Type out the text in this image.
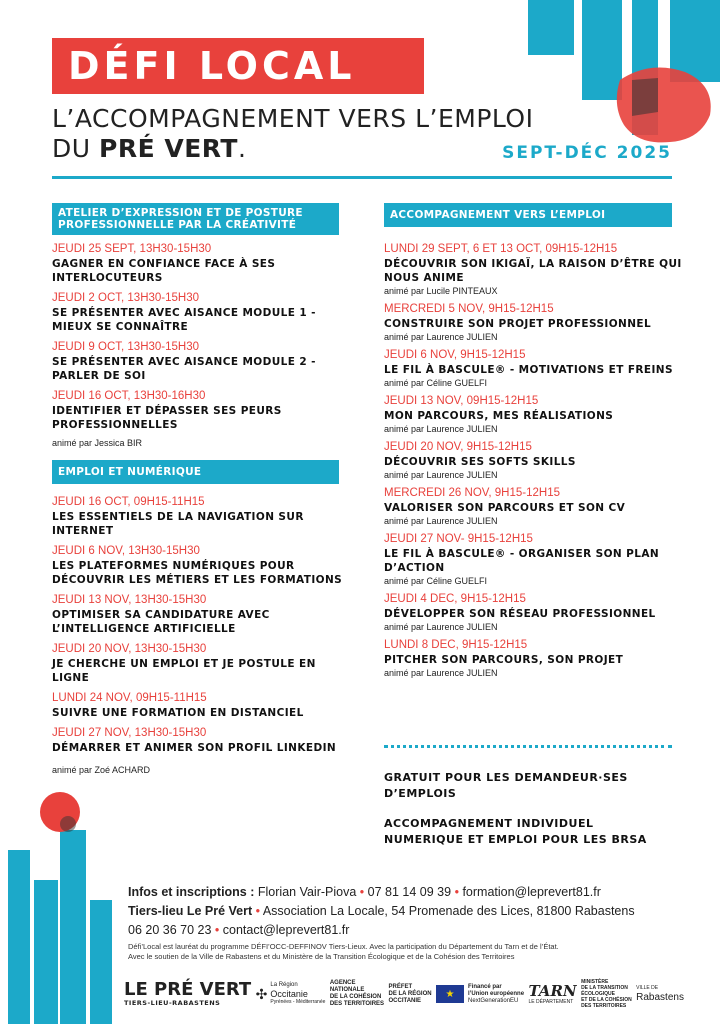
DÉFI LOCAL
L’ACCOMPAGNEMENT VERS L’EMPLOI
DU PRÉ VERT.	SEPT-DÉC 2025
ATELIER D’EXPRESSION ET DE POSTURE PROFESSIONNELLE PAR LA CRÉATIVITÉ
JEUDI 25 SEPT, 13H30-15H30
GAGNER EN CONFIANCE FACE À SES INTERLOCUTEURS
JEUDI 2 OCT, 13H30-15H30
SE PRÉSENTER AVEC AISANCE MODULE 1 - MIEUX SE CONNAÎTRE
JEUDI 9 OCT, 13H30-15H30
SE PRÉSENTER AVEC AISANCE MODULE 2 - PARLER DE SOI
JEUDI 16 OCT, 13H30-16H30
IDENTIFIER ET DÉPASSER SES PEURS PROFESSIONNELLES
animé par Jessica BIR
EMPLOI ET NUMÉRIQUE
JEUDI 16 OCT, 09H15-11H15
LES ESSENTIELS DE LA NAVIGATION SUR INTERNET
JEUDI 6 NOV, 13H30-15H30
LES PLATEFORMES NUMÉRIQUES POUR DÉCOUVRIR LES MÉTIERS ET LES FORMATIONS
JEUDI 13 NOV, 13H30-15H30
OPTIMISER SA CANDIDATURE AVEC L’INTELLIGENCE ARTIFICIELLE
JEUDI 20 NOV, 13H30-15H30
JE CHERCHE UN EMPLOI ET JE POSTULE EN LIGNE
LUNDI 24 NOV, 09H15-11H15
SUIVRE UNE FORMATION EN DISTANCIEL
JEUDI 27 NOV, 13H30-15H30
DÉMARRER ET ANIMER SON PROFIL LINKEDIN
animé par Zoé ACHARD
ACCOMPAGNEMENT VERS L’EMPLOI
LUNDI 29 SEPT, 6 ET 13 OCT, 09H15-12H15
DÉCOUVRIR SON IKIGAÏ, LA RAISON D’ÊTRE QUI NOUS ANIME
animé par Lucile PINTEAUX
MERCREDI 5 NOV, 9H15-12H15
CONSTRUIRE SON PROJET PROFESSIONNEL
animé par Laurence JULIEN
JEUDI 6 NOV, 9H15-12H15
LE FIL À BASCULE® - MOTIVATIONS ET FREINS
animé par Céline GUELFI
JEUDI 13 NOV, 09H15-12H15
MON PARCOURS, MES RÉALISATIONS
animé par Laurence JULIEN
JEUDI 20 NOV, 9H15-12H15
DÉCOUVRIR SES SOFTS SKILLS
animé par Laurence JULIEN
MERCREDI 26 NOV, 9H15-12H15
VALORISER SON PARCOURS ET SON CV
animé par Laurence JULIEN
JEUDI 27 NOV- 9H15-12H15
LE FIL À BASCULE® - ORGANISER SON PLAN D’ACTION
animé par Céline GUELFI
JEUDI 4 DEC, 9H15-12H15
DÉVELOPPER SON RÉSEAU PROFESSIONNEL
animé par Laurence JULIEN
LUNDI 8 DEC, 9H15-12H15
PITCHER SON PARCOURS, SON PROJET
animé par Laurence JULIEN
GRATUIT POUR LES DEMANDEUR·SES D’EMPLOIS
ACCOMPAGNEMENT INDIVIDUEL NUMERIQUE ET EMPLOI POUR LES BRSA
Infos et inscriptions : Florian Vair-Piova • 07 81 14 09 39 • formation@leprevert81.fr
Tiers-lieu Le Pré Vert • Association La Locale, 54 Promenade des Lices, 81800 Rabastens
06 20 36 70 23 • contact@leprevert81.fr
Défi’Local est lauréat du programme DÉFI’OCC-DEFFINOV Tiers-Lieux. Avec la participation du Département du Tarn et de l’État.
Avec le soutien de la Ville de Rabastens et du Ministère de la Transition Écologique et de la Cohésion des Territoires
LE PRÉ VERT
TIERS-LIEU-RABASTENS
✣
La Région
Occitanie
Pyrénées - Méditerranée
AGENCE
NATIONALE
DE LA COHÉSION
DES TERRITOIRES
PRÉFET
DE LA RÉGION
OCCITANIE
★
Financé par
l’Union européenne
NextGenerationEU
TARN
LE DÉPARTEMENT
MINISTÈRE
DE LA TRANSITION
ÉCOLOGIQUE
ET DE LA COHÉSION
DES TERRITOIRES
VILLE DE
Rabastens
